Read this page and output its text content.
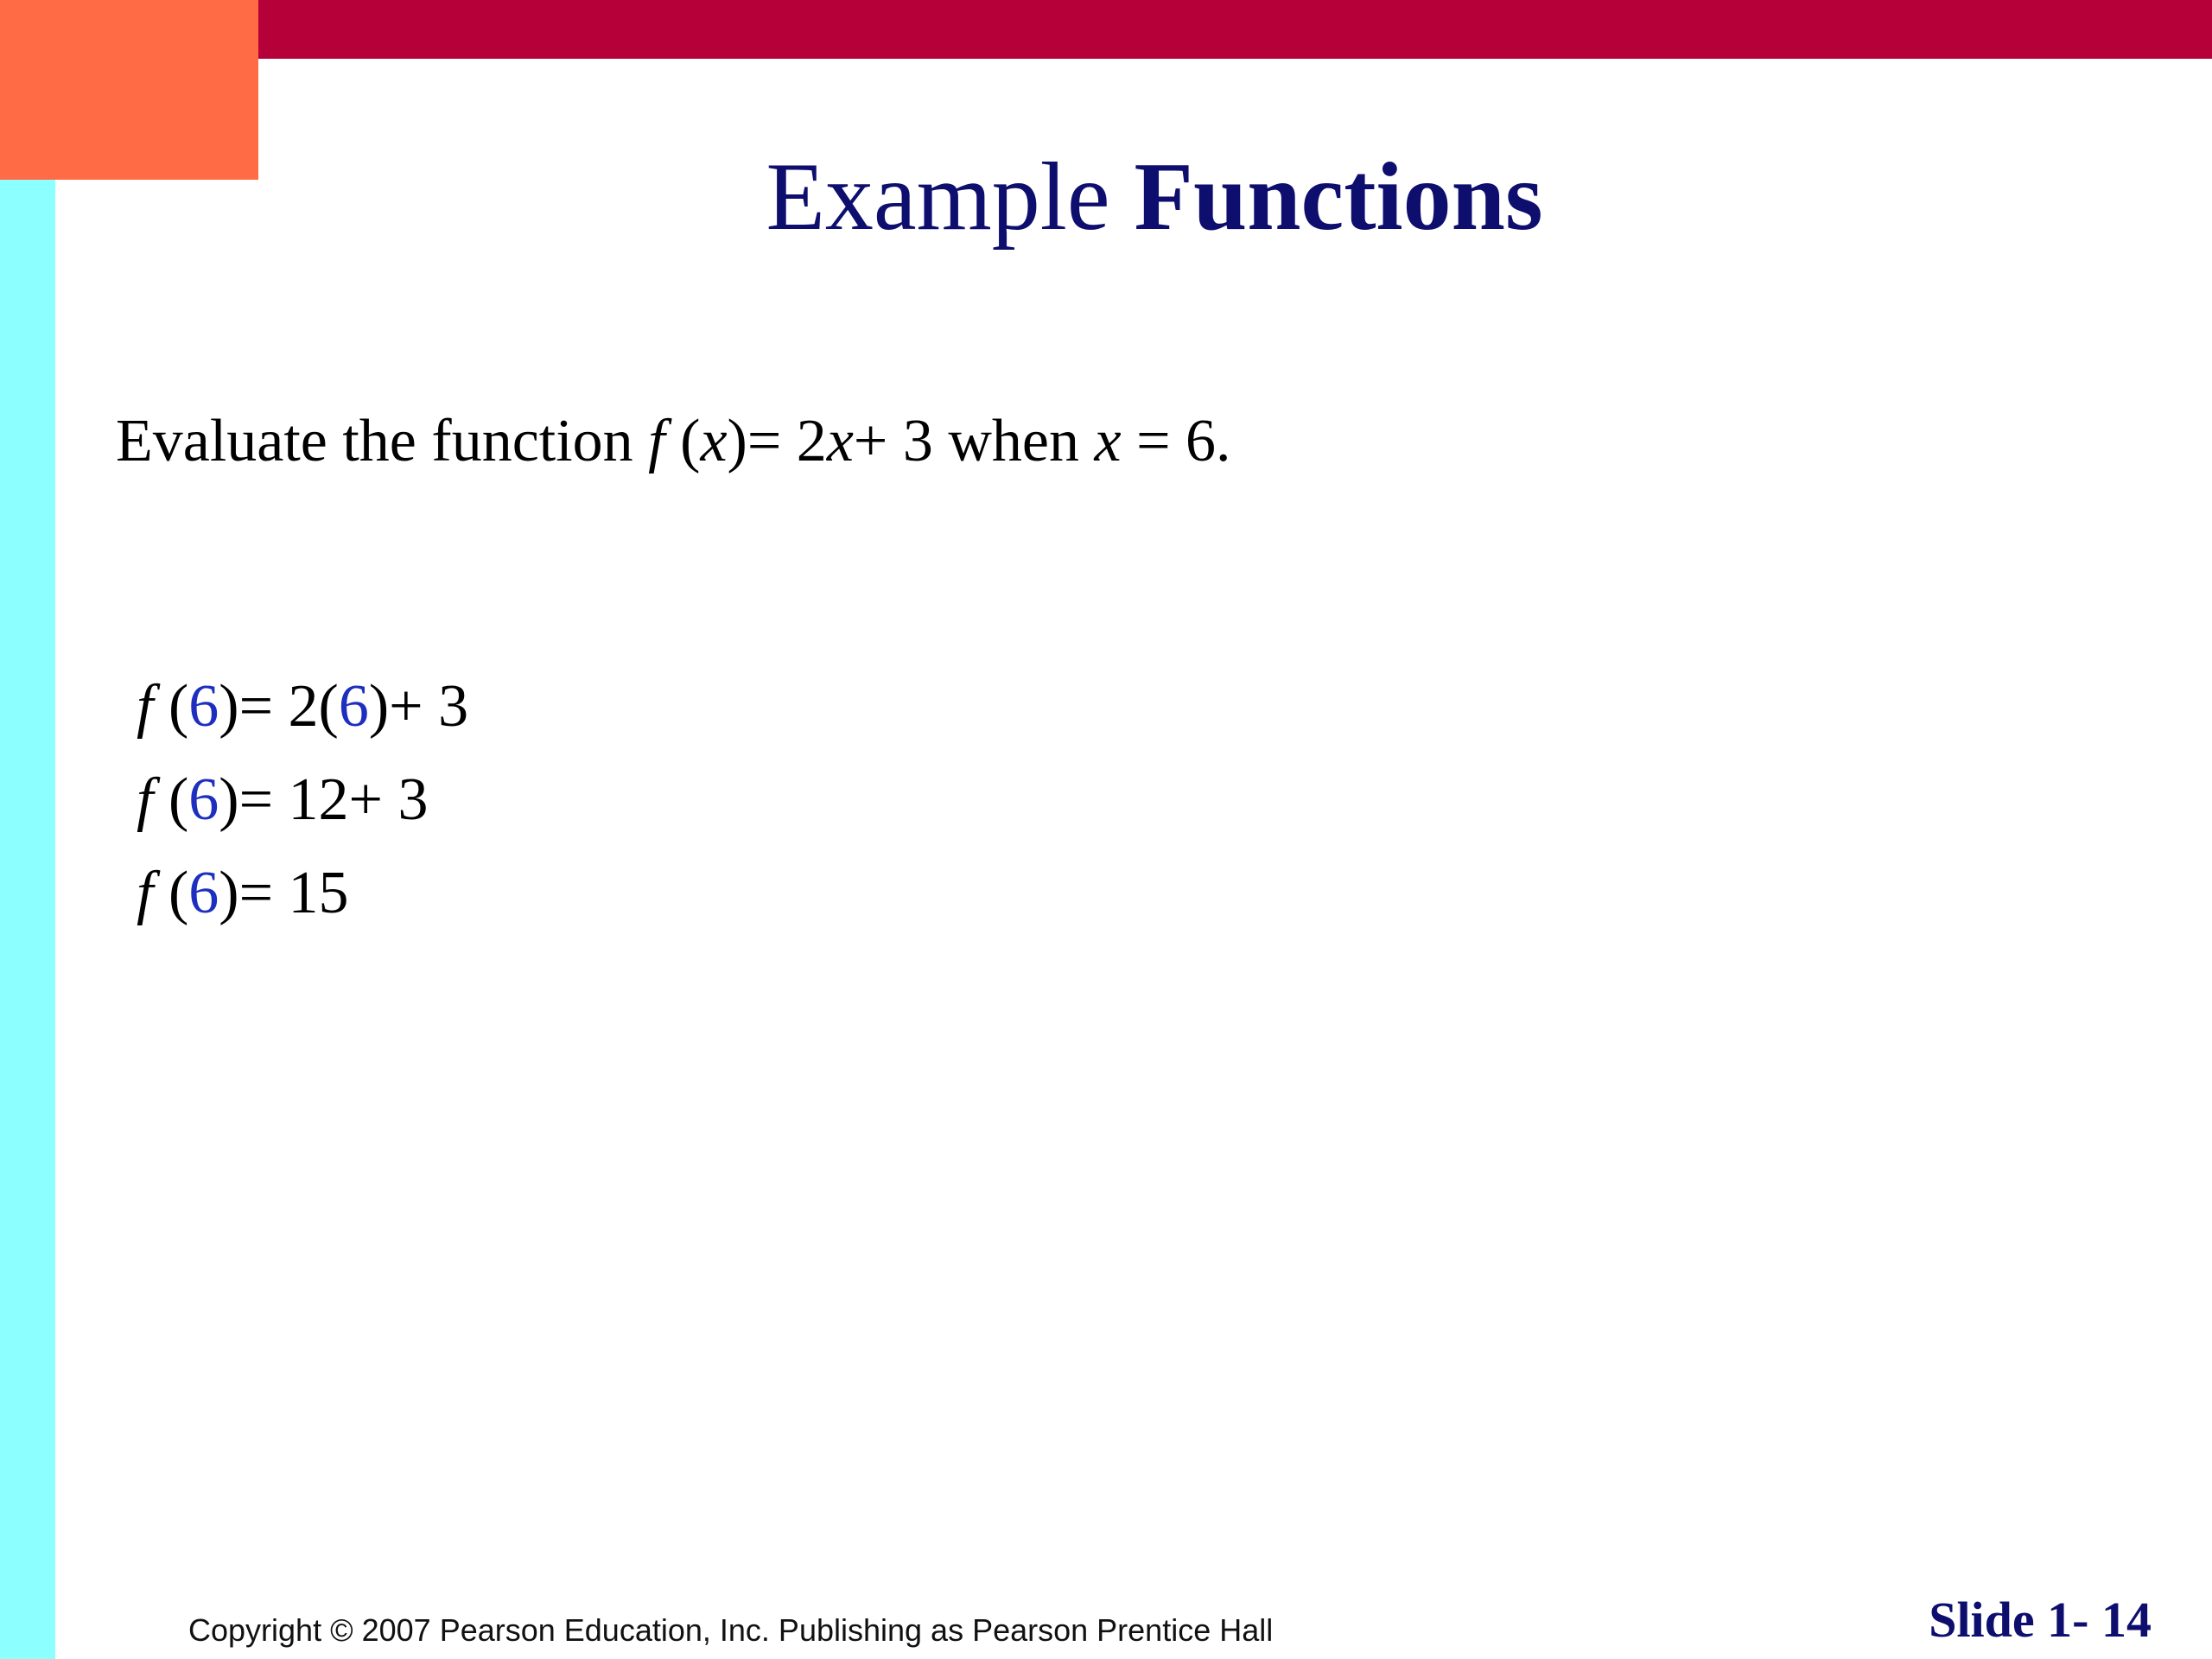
Example Functions
Evaluate the function f (x)= 2x+ 3 when x = 6.
f (6)= 2(6)+ 3
f (6)= 12+ 3
f (6)= 15
Copyright © 2007 Pearson Education, Inc. Publishing as Pearson Prentice Hall	Slide 1- 14
